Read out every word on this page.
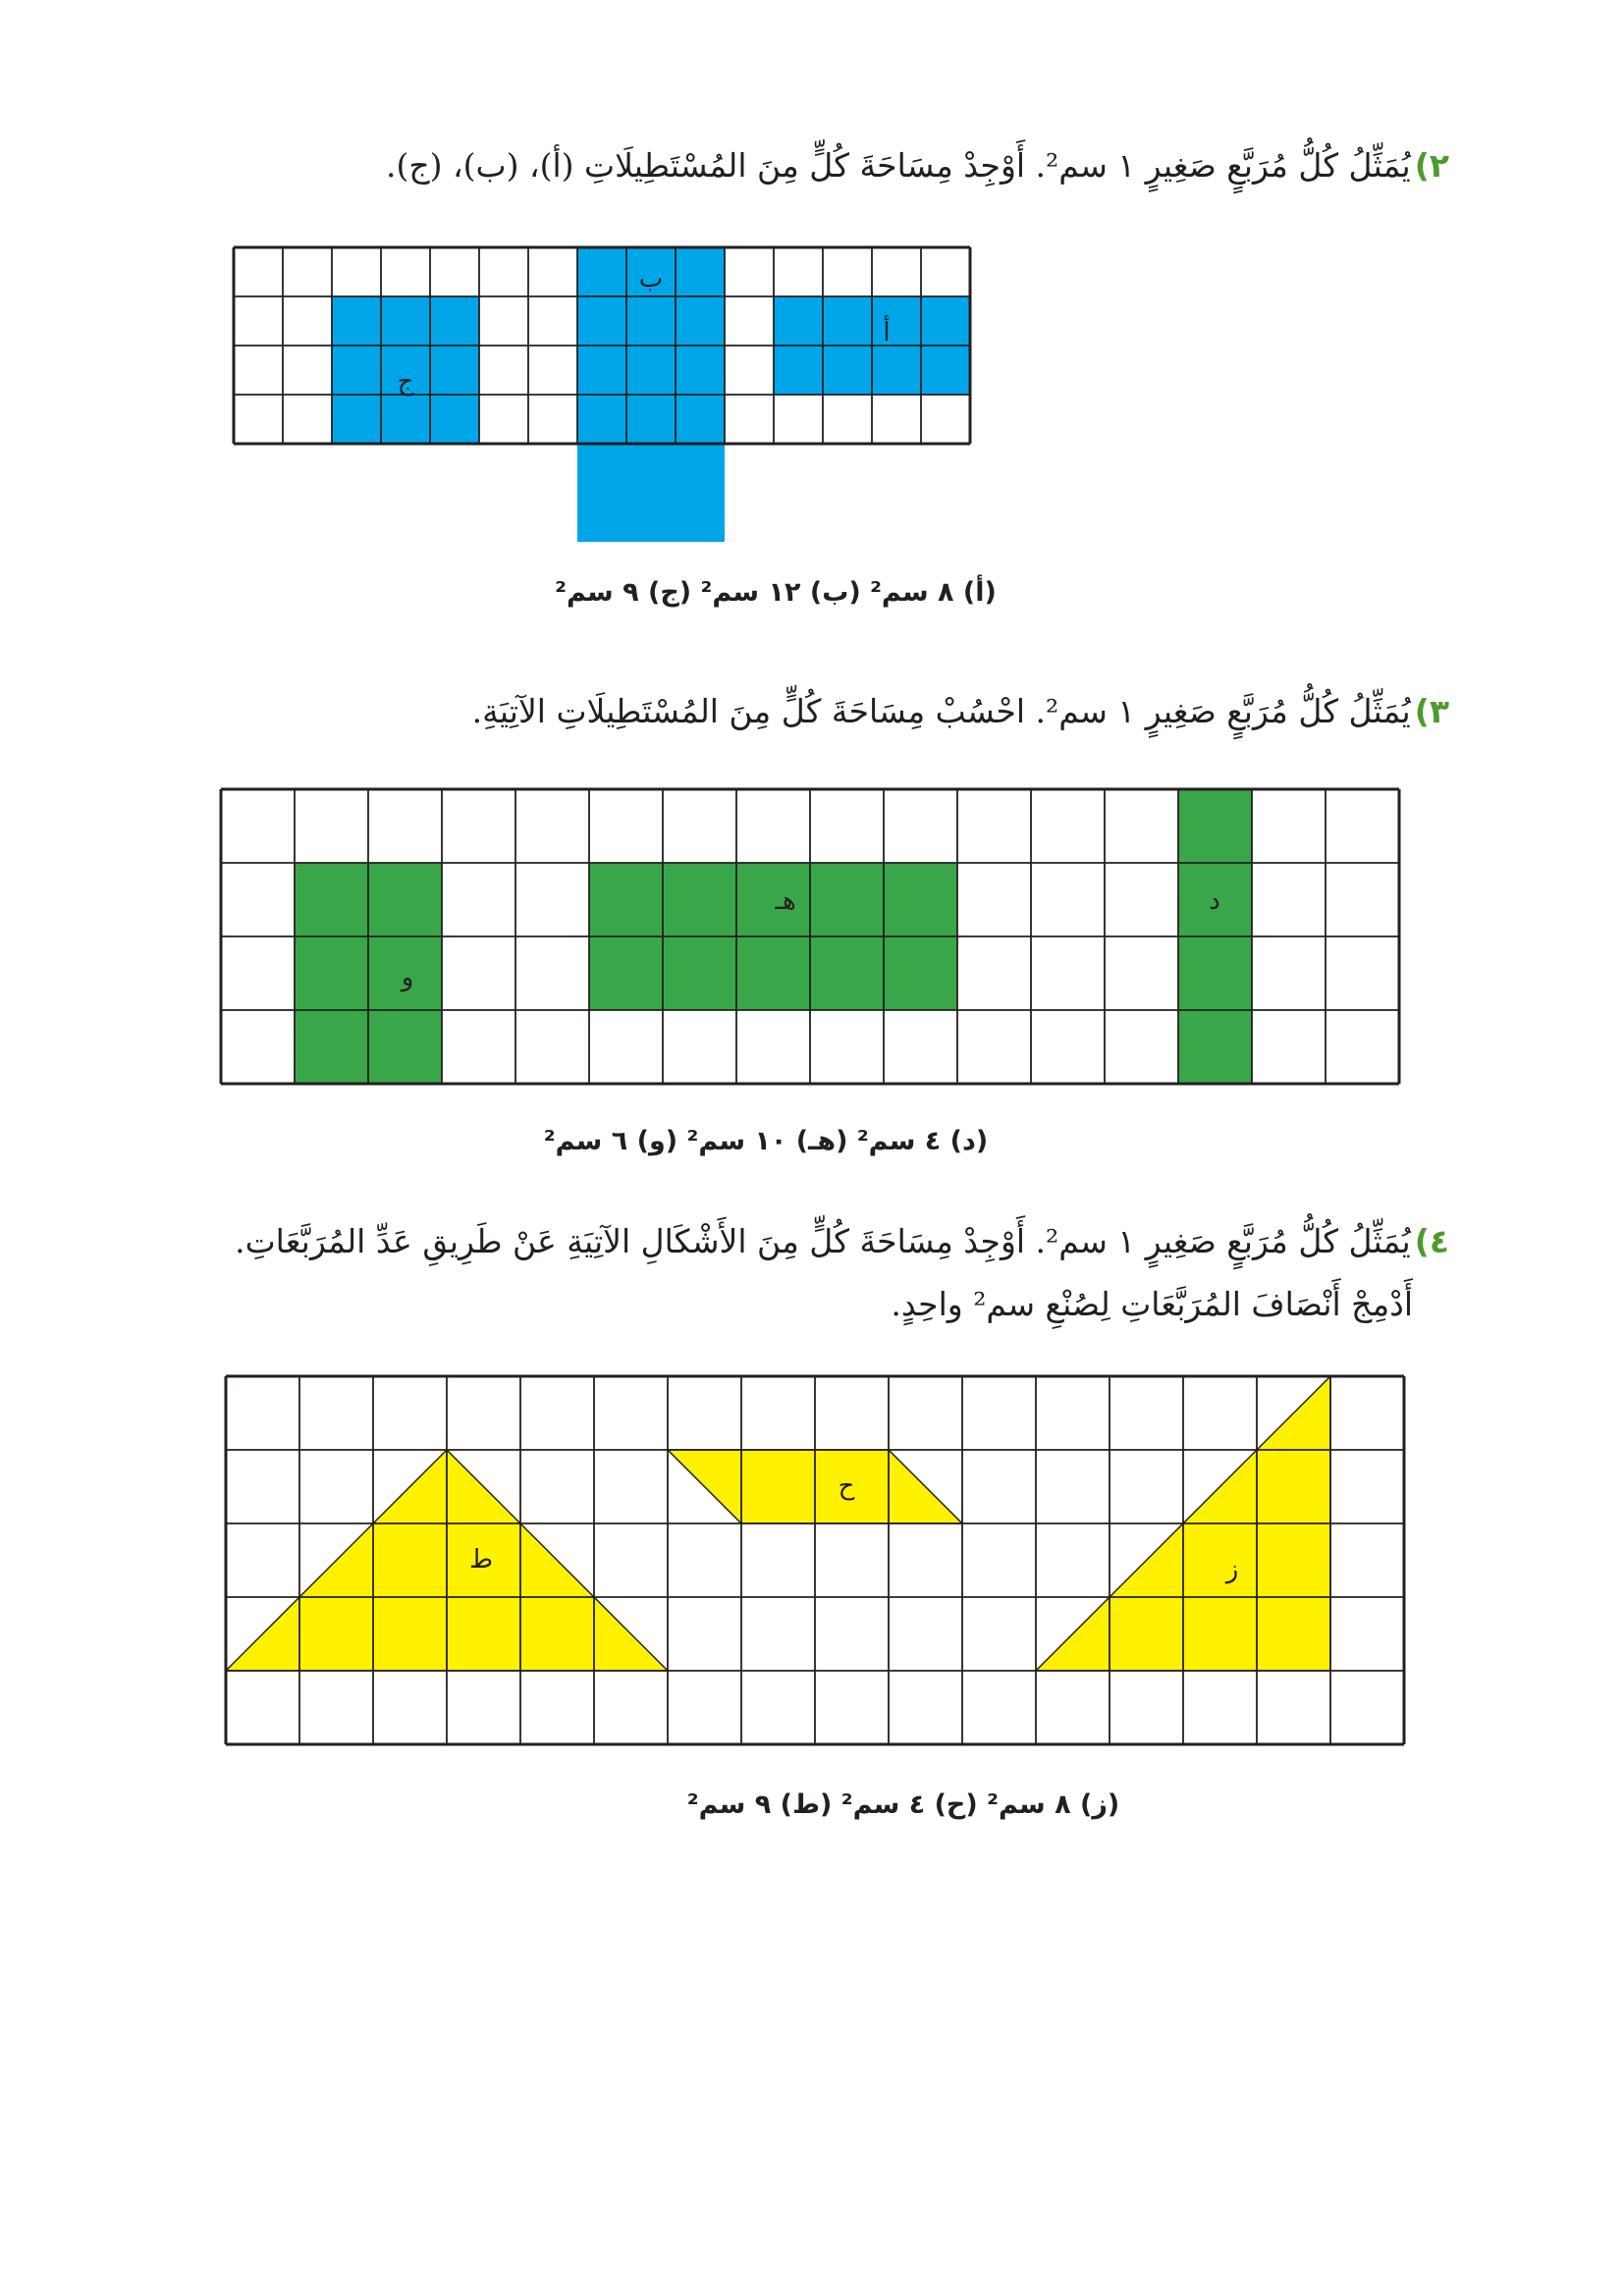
٢)يُمَثِّلُ كُلُّ مُرَبَّعٍ صَغِيرٍ ١ سم². أَوْجِدْ مِسَاحَةَ كُلٍّ مِنَ المُسْتَطِيلَاتِ (أ)، (ب)، (ج).
ب
أ
ج
(أ) ٨ سم² (ب) ١٢ سم² (ج) ٩ سم²
٣)يُمَثِّلُ كُلُّ مُرَبَّعٍ صَغِيرٍ ١ سم². احْسُبْ مِسَاحَةَ كُلٍّ مِنَ المُسْتَطِيلَاتِ الآتِيَةِ.
د
هـ
و
(د) ٤ سم² (هـ) ١٠ سم² (و) ٦ سم²
٤)يُمَثِّلُ كُلُّ مُرَبَّعٍ صَغِيرٍ ١ سم². أَوْجِدْ مِسَاحَةَ كُلٍّ مِنَ الأَشْكَالِ الآتِيَةِ عَنْ طَرِيقِ عَدِّ المُرَبَّعَاتِ.
أَدْمِجْ أَنْصَافَ المُرَبَّعَاتِ لِصُنْعِ سم² واحِدٍ.
ط
ح
ز
(ز) ٨ سم² (ح) ٤ سم² (ط) ٩ سم²
